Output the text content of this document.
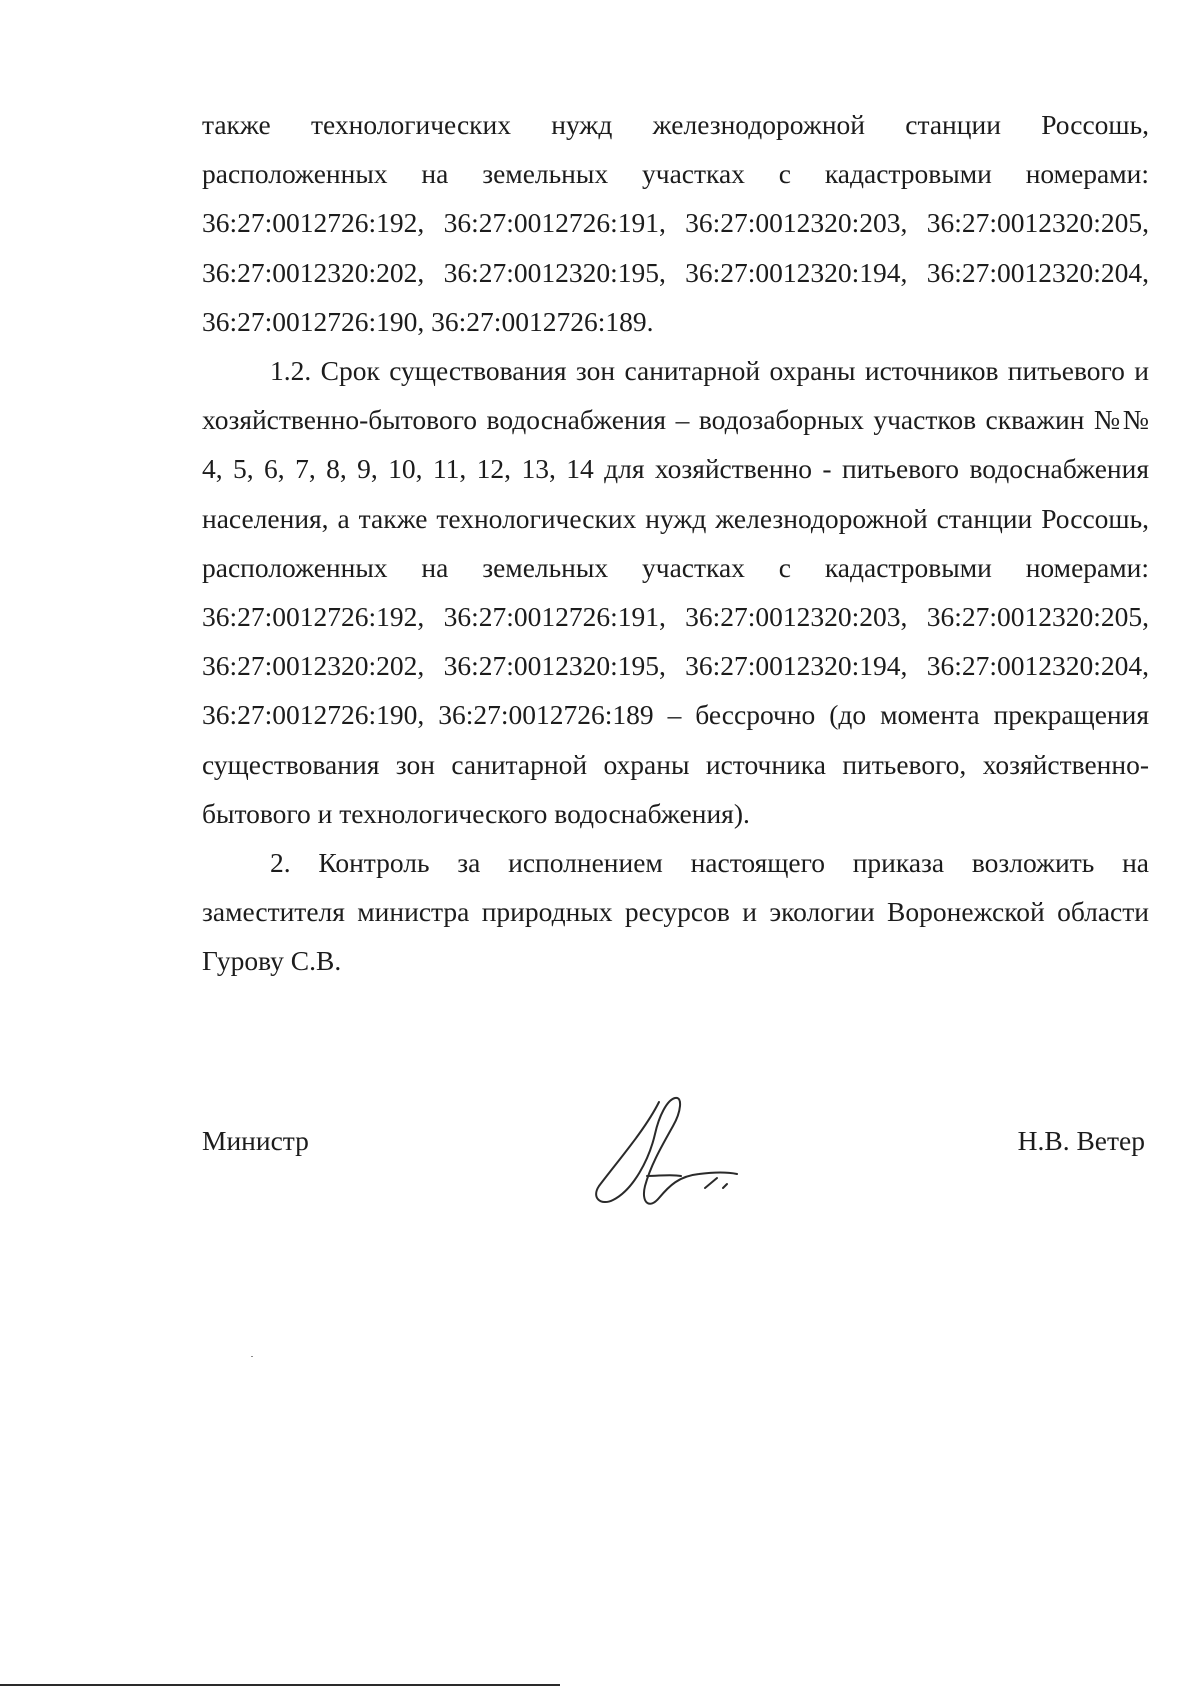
также технологических нужд железнодорожной станции Россошь, расположенных на земельных участках с кадастровыми номерами: 36:27:0012726:192, 36:27:0012726:191, 36:27:0012320:203, 36:27:0012320:205, 36:27:0012320:202, 36:27:0012320:195, 36:27:0012320:194, 36:27:0012320:204, 36:27:0012726:190, 36:27:0012726:189.

1.2. Срок существования зон санитарной охраны источников питьевого и хозяйственно-бытового водоснабжения – водозаборных участков скважин №№ 4, 5, 6, 7, 8, 9, 10, 11, 12, 13, 14 для хозяйственно - питьевого водоснабжения населения, а также технологических нужд железнодорожной станции Россошь, расположенных на земельных участках с кадастровыми номерами: 36:27:0012726:192, 36:27:0012726:191, 36:27:0012320:203, 36:27:0012320:205, 36:27:0012320:202, 36:27:0012320:195, 36:27:0012320:194, 36:27:0012320:204, 36:27:0012726:190, 36:27:0012726:189 – бессрочно (до момента прекращения существования зон санитарной охраны источника питьевого, хозяйственно-бытового и технологического водоснабжения).

2. Контроль за исполнением настоящего приказа возложить на заместителя министра природных ресурсов и экологии Воронежской области Гурову С.В.

Министр	Н.В. Ветер
